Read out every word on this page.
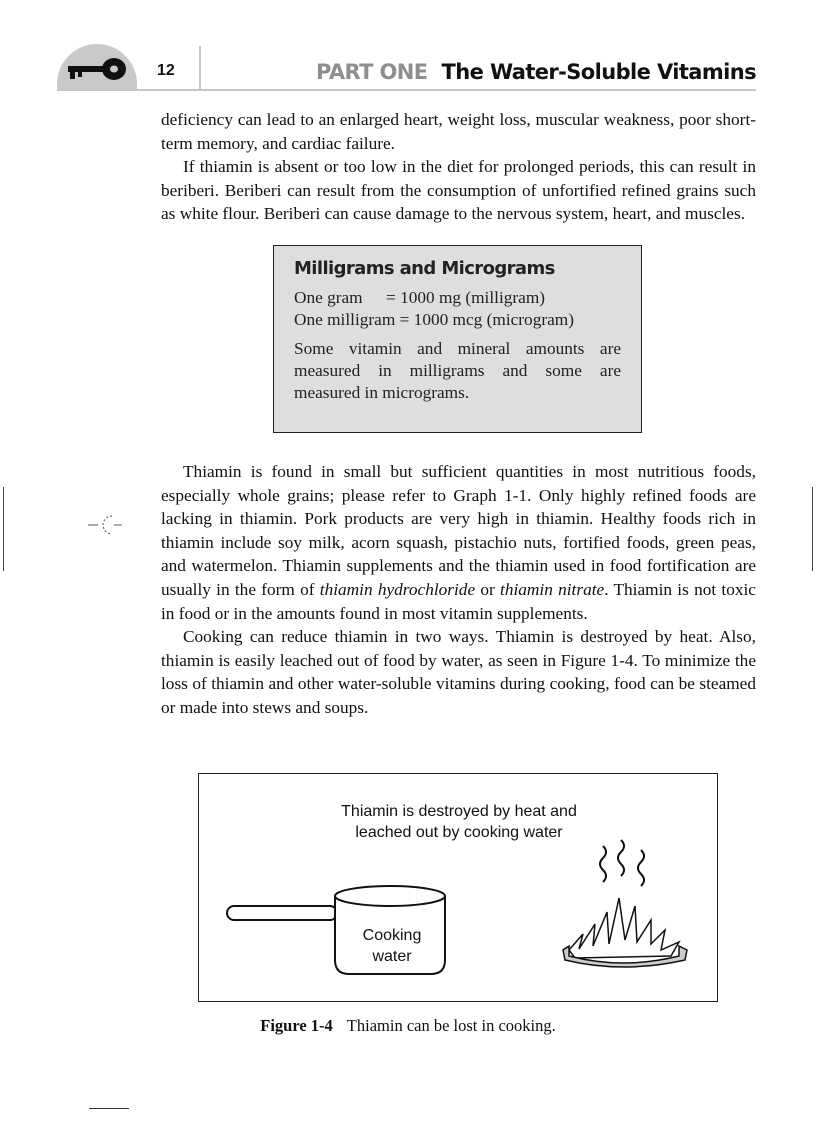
12	PART ONE The Water-Soluble Vitamins

deficiency can lead to an enlarged heart, weight loss, muscular weakness, poor short-term memory, and cardiac failure.

If thiamin is absent or too low in the diet for prolonged periods, this can result in beriberi. Beriberi can result from the consumption of unfortified refined grains such as white flour. Beriberi can cause damage to the nervous system, heart, and muscles.

Milligrams and Micrograms

One gram = 1000 mg (milligram)

One milligram = 1000 mcg (microgram)

Some vitamin and mineral amounts are measured in milligrams and some are measured in micrograms.

Thiamin is found in small but sufficient quantities in most nutritious foods, especially whole grains; please refer to Graph 1-1. Only highly refined foods are lacking in thiamin. Pork products are very high in thiamin. Healthy foods rich in thiamin include soy milk, acorn squash, pistachio nuts, fortified foods, green peas, and watermelon. Thiamin supplements and the thiamin used in food fortification are usually in the form of thiamin hydrochloride or thiamin nitrate. Thiamin is not toxic in food or in the amounts found in most vitamin supplements.

Cooking can reduce thiamin in two ways. Thiamin is destroyed by heat. Also, thiamin is easily leached out of food by water, as seen in Figure 1-4. To minimize the loss of thiamin and other water-soluble vitamins during cooking, food can be steamed or made into stews and soups.

Thiamin is destroyed by heat and
leached out by cooking water
Cooking
water
Figure 1-4 Thiamin can be lost in cooking.
